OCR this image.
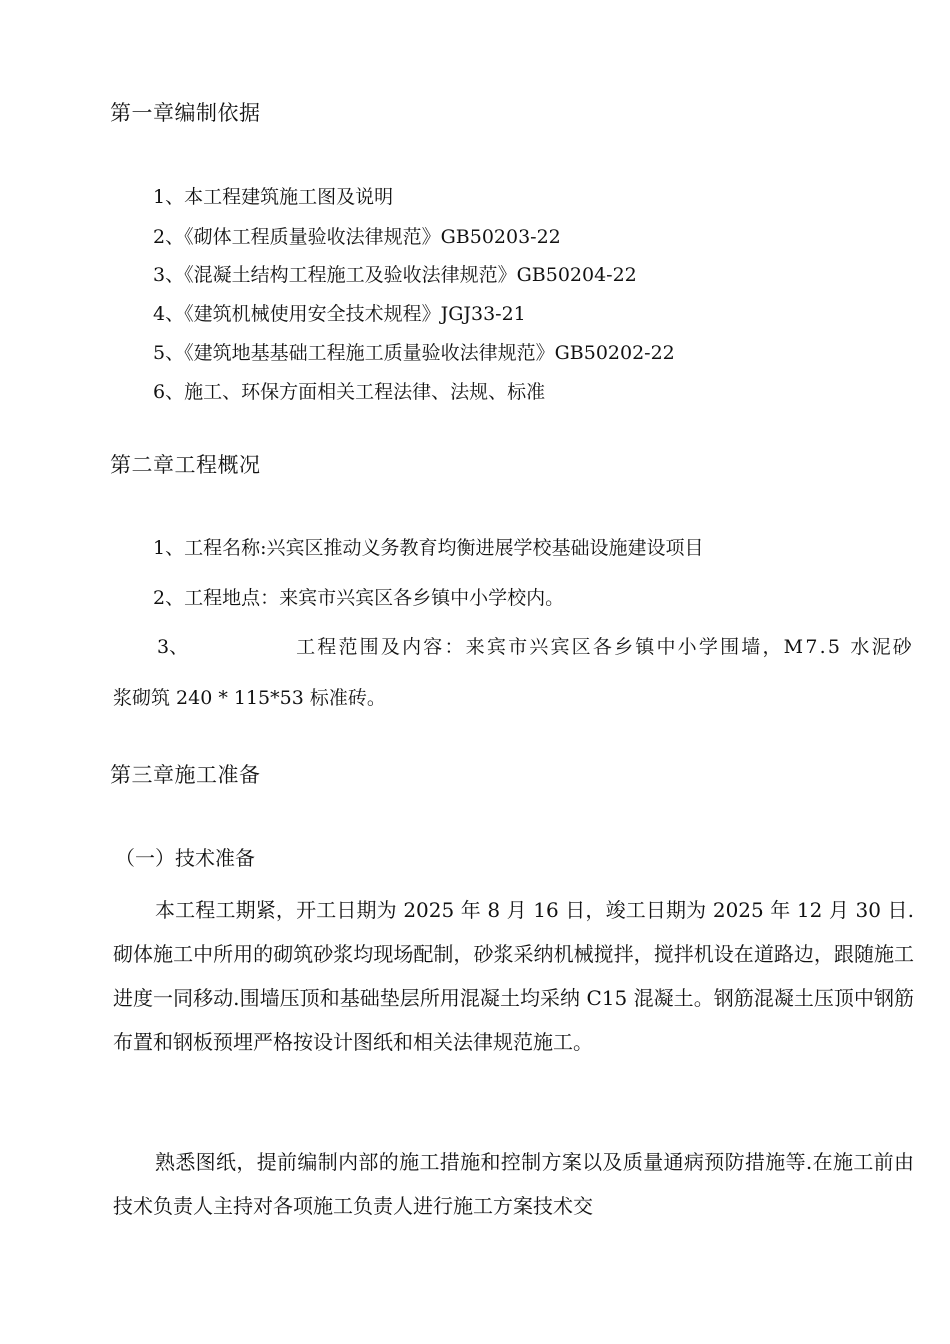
第一章编制依据
1、本工程建筑施工图及说明
2、《砌体工程质量验收法律规范》GB50203-22
3、《混凝土结构工程施工及验收法律规范》GB50204-22
4、《建筑机械使用安全技术规程》JGJ33-21
5、《建筑地基基础工程施工质量验收法律规范》GB50202-22
6、施工、环保方面相关工程法律、法规、标准
第二章工程概况
1、工程名称:兴宾区推动义务教育均衡进展学校基础设施建设项目
2、工程地点：来宾市兴宾区各乡镇中小学校内。
3、	工程范围及内容：来宾市兴宾区各乡镇中小学围墙，M7.5 水泥砂
浆砌筑 240 * 115*53 标准砖。
第三章施工准备
（一）技术准备
本工程工期紧，开工日期为 2025 年 8 月 16 日，竣工日期为 2025 年 12 月 30 日.砌体施工中所用的砌筑砂浆均现场配制，砂浆采纳机械搅拌，搅拌机设在道路边，跟随施工进度一同移动.围墙压顶和基础垫层所用混凝土均采纳 C15 混凝土。钢筋混凝土压顶中钢筋布置和钢板预埋严格按设计图纸和相关法律规范施工。
熟悉图纸，提前编制内部的施工措施和控制方案以及质量通病预防措施等.在施工前由技术负责人主持对各项施工负责人进行施工方案技术交
